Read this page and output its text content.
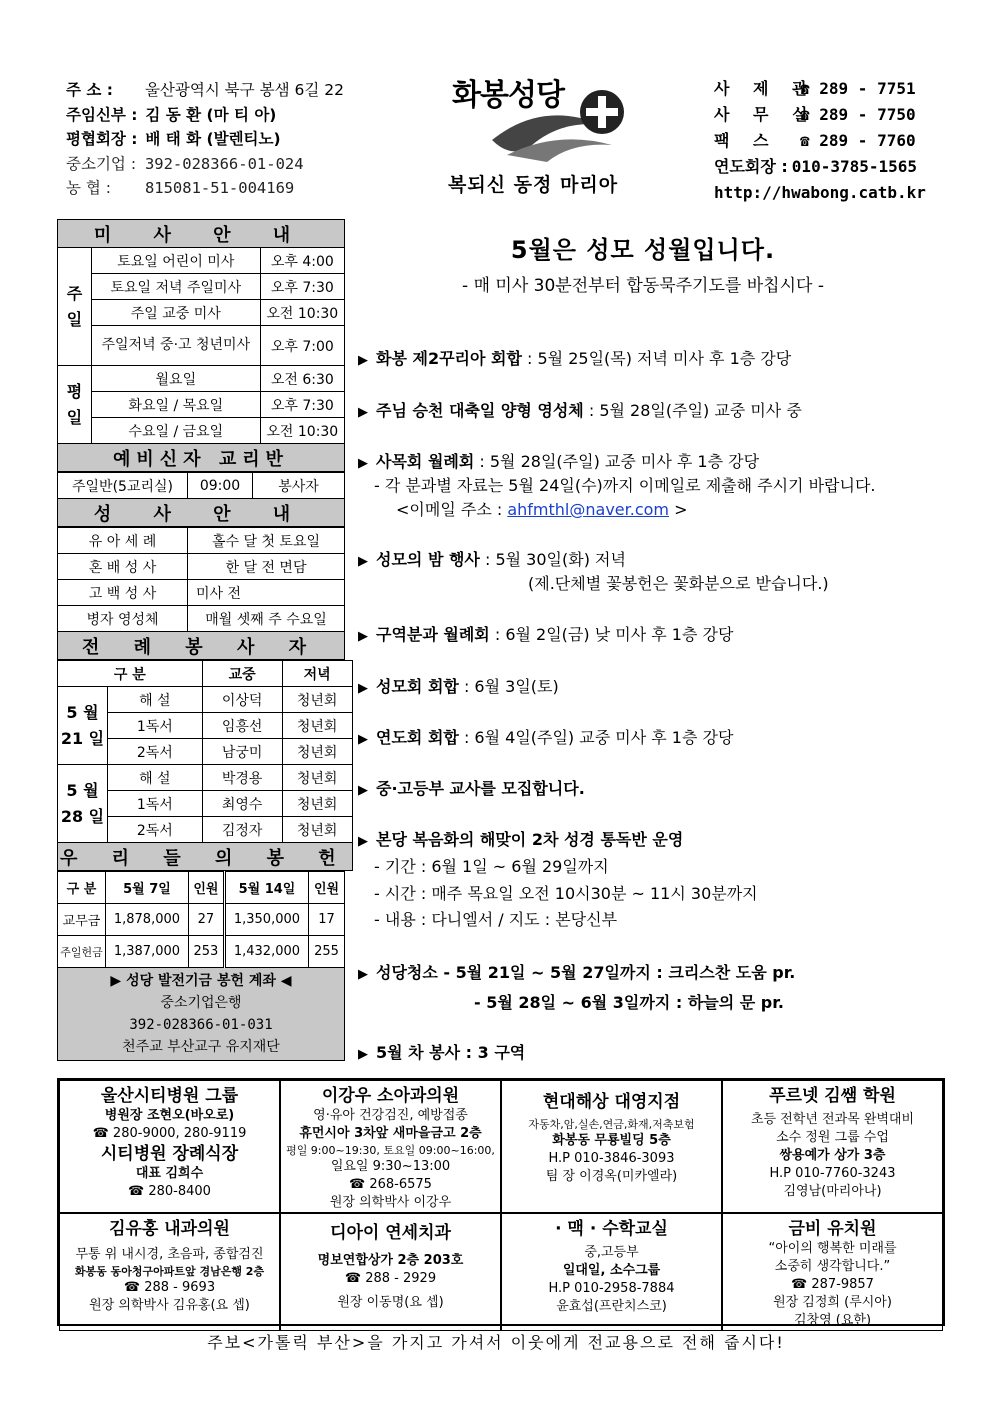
주 소 : 울산광역시 북구 봉샘 6길 22
주임신부 : 김 동 환 (마 티 아)
평협회장 : 배 태 화 (발렌티노)
중소기업 : 392-028366-01-024
농 협 : 815081-51-004169
화봉성당
복되신 동정 마리아
사 제 관☎ 289 - 7751
사 무 실☎ 289 - 7750
팩 스 ☎ 289 - 7760
연도회장 : 010-3785-1565
http://hwabong.catb.kr
미 사 안 내		
주일	토요일 어린이 미사	오후 4:00
	토요일 저녁 주일미사	오후 7:30
	주일 교중 미사	오전 10:30
	주일저녁 중·고 청년미사	오후 7:00
평일	월요일	오전 6:30
	화요일 / 목요일	오후 7:30
	수요일 / 금요일	오전 10:30
예비신자 교리반		
주일반(5교리실)	09:00	봉사자
성 사 안 내
유 아 세 례	홀수 달 첫 토요일
혼 배 성 사	한 달 전 면담
고 백 성 사	미사 전
병자 영성체	매월 셋째 주 수요일
전 례 봉 사 자	
구 분		교중	저녁
5 월 21 일	해 설	이상덕	청년회
	1독서	임흥선	청년회
	2독서	남궁미	청년회
5 월 28 일	해 설	박경용	청년회
	1독서	최영수	청년회
	2독서	김정자	청년회
우 리 들 의 봉 헌			
구 분	5월 7일	인원	5월 14일	인원
교무금	1,878,000	27	1,350,000	17
주일헌금	1,387,000	253	1,432,000	255
▶ 성당 발전기금 봉헌 계좌 ◀
중소기업은행
392-028366-01-031
천주교 부산교구 유지재단
5월은 성모 성월입니다.
- 매 미사 30분전부터 합동묵주기도를 바칩시다 -
▶ 화봉 제2꾸리아 회합 : 5월 25일(목) 저녁 미사 후 1층 강당
▶ 주님 승천 대축일 양형 영성체 : 5월 28일(주일) 교중 미사 중
▶ 사목회 월례회 : 5월 28일(주일) 교중 미사 후 1층 강당
- 각 분과별 자료는 5월 24일(수)까지 이메일로 제출해 주시기 바랍니다.
<이메일 주소 : ahfmthl@naver.com >
▶ 성모의 밤 행사 : 5월 30일(화) 저녁
(제.단체별 꽃봉헌은 꽃화분으로 받습니다.)
▶ 구역분과 월례회 : 6월 2일(금) 낮 미사 후 1층 강당
▶ 성모회 회합 : 6월 3일(토)
▶ 연도회 회합 : 6월 4일(주일) 교중 미사 후 1층 강당
▶ 중·고등부 교사를 모집합니다.
▶ 본당 복음화의 해맞이 2차 성경 통독반 운영
- 기간 : 6월 1일 ~ 6월 29일까지
- 시간 : 매주 목요일 오전 10시30분 ~ 11시 30분까지
- 내용 : 다니엘서 / 지도 : 본당신부
▶ 성당청소 - 5월 21일 ~ 5월 27일까지 : 크리스찬 도움 pr.
- 5월 28일 ~ 6월 3일까지 : 하늘의 문 pr.
▶ 5월 차 봉사 : 3 구역
울산시티병원 그룹
병원장 조현오(바오로)
☎ 280-9000, 280-9119
시티병원 장례식장
대표 김희수
☎ 280-8400
이강우 소아과의원
영·유아 건강검진, 예방접종
휴먼시아 3차앞 새마을금고 2층
평일 9:00~19:30, 토요일 09:00~16:00,
일요일 9:30~13:00
☎ 268-6575
원장 의학박사 이강우
현대해상 대영지점
자동차,암,실손,연금,화재,저축보험
화봉동 무룡빌딩 5층
H.P 010-3846-3093
팀 장 이경옥(미카엘라)
푸르넷 김쌤 학원
초등 전학년 전과목 완벽대비
소수 정원 그룹 수업
쌍용예가 상가 3층
H.P 010-7760-3243
김영남(마리아나)
김유홍 내과의원
무통 위 내시경, 초음파, 종합검진
화봉동 동아청구아파트앞 경남은행 2층
☎ 288 - 9693
원장 의학박사 김유홍(요 셉)
디아이 연세치과
명보연합상가 2층 203호
☎ 288 - 2929
원장 이동명(요 셉)
· 맥 · 수학교실
중,고등부
일대일, 소수그룹
H.P 010-2958-7884
윤효섭(프란치스코)
금비 유치원
“아이의 행복한 미래를
소중히 생각합니다.”
☎ 287-9857
원장 김정희 (루시아)
김창영 (요한)
주보<가톨릭 부산>을 가지고 가셔서 이웃에게 전교용으로 전해 줍시다!
